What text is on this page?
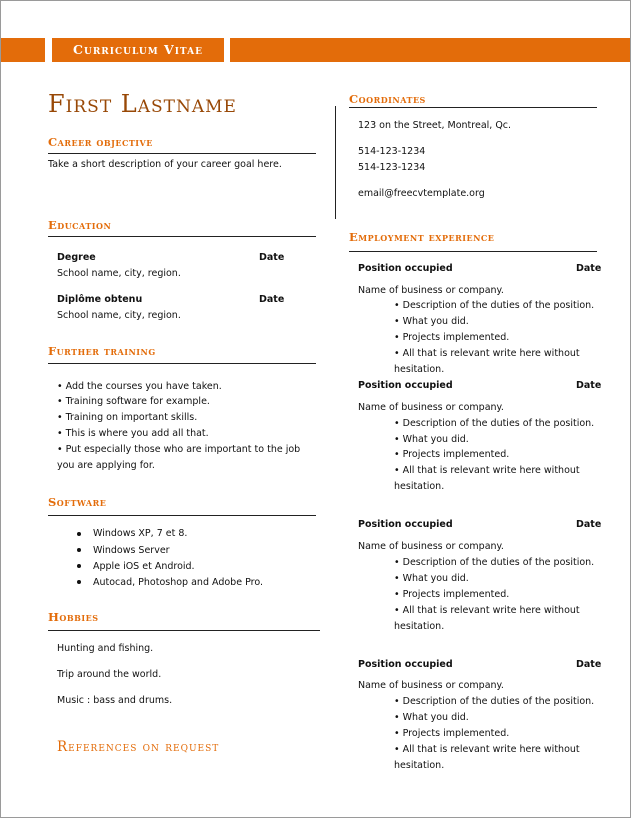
Curriculum Vitae
First Lastname
Career objective
Take a short description of your career goal here.
Education
Degree	Date
School name, city, region.
Diplôme obtenu	Date
School name, city, region.
Further training
• Add the courses you have taken.
• Training software for example.
• Training on important skills.
• This is where you add all that.
• Put especially those who are important to the job
you are applying for.
Software
Windows XP, 7 et 8.
Windows Server
Apple iOS et Android.
Autocad, Photoshop and Adobe Pro.
Hobbies
Hunting and fishing.
Trip around the world.
Music : bass and drums.
References on request
Coordinates
123 on the Street, Montreal, Qc.
514-123-1234
514-123-1234
email@freecvtemplate.org
Employment experience
Position occupied	Date
Name of business or company.
• Description of the duties of the position.
• What you did.
• Projects implemented.
• All that is relevant write here without
hesitation.
Position occupied	Date
Name of business or company.
• Description of the duties of the position.
• What you did.
• Projects implemented.
• All that is relevant write here without
hesitation.
Position occupied	Date
Name of business or company.
• Description of the duties of the position.
• What you did.
• Projects implemented.
• All that is relevant write here without
hesitation.
Position occupied	Date
Name of business or company.
• Description of the duties of the position.
• What you did.
• Projects implemented.
• All that is relevant write here without
hesitation.
